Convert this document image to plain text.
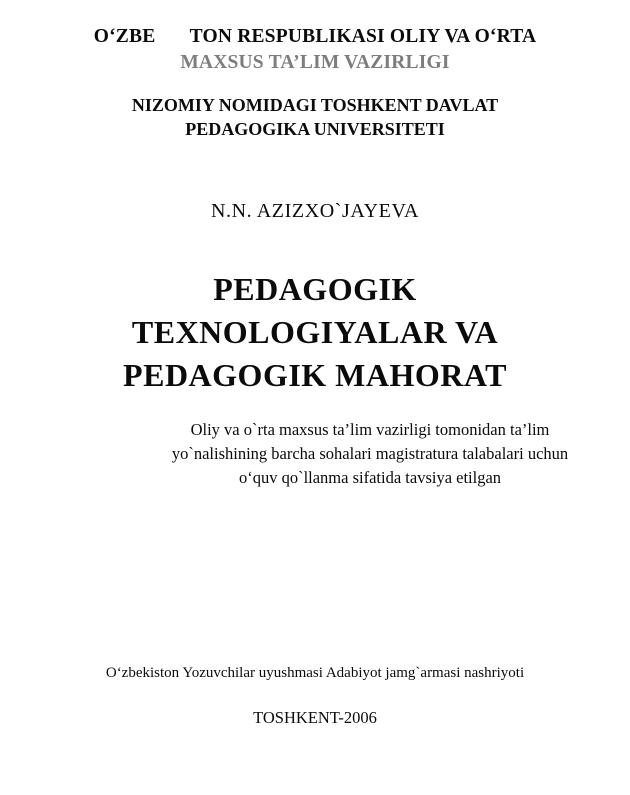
O‘ZBEKISTON RESPUBLIKASI OLIY VA O‘RTA
MAXSUS TA’LIM VAZIRLIGI
NIZOMIY NOMIDAGI TOSHKENT DAVLAT
PEDAGOGIKA UNIVERSITETI
N.N. AZIZXO`JAYEVA
PEDAGOGIK
TEXNOLOGIYALAR VA
PEDAGOGIK MAHORAT
Oliy va o`rta maxsus ta’lim vazirligi tomonidan ta’lim
yo`nalishining barcha sohalari magistratura talabalari uchun
o‘quv qo`llanma sifatida tavsiya etilgan
O‘zbekiston Yozuvchilar uyushmasi Adabiyot jamg`armasi nashriyoti
TOSHKENT-2006
